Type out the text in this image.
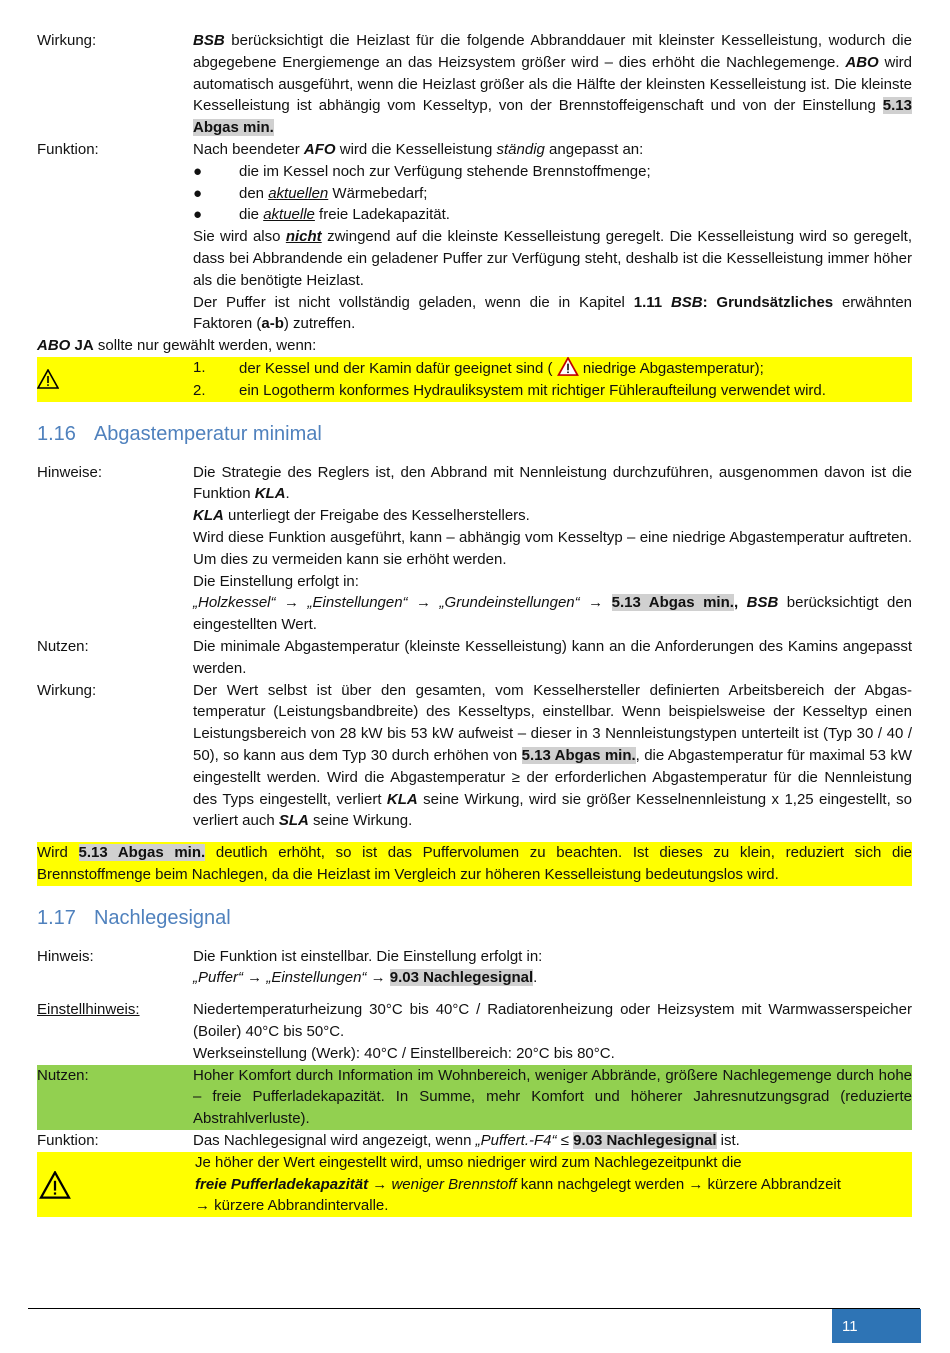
Wirkung:	BSB berücksichtigt die Heizlast für die folgende Abbranddauer mit kleinster Kesselleistung, wodurch die abgegebene Energiemenge an das Heizsystem größer wird – dies erhöht die Nachlegemenge. ABO wird automatisch ausgeführt, wenn die Heizlast größer als die Hälfte der kleinsten Kesselleistung ist. Die kleinste Kesselleistung ist abhängig vom Kesseltyp, von der Brennstoffeigenschaft und von der Einstellung 5.13 Abgas min.
Funktion:	Nach beendeter AFO wird die Kesselleistung ständig angepasst an:

●	die im Kessel noch zur Verfügung stehende Brennstoffmenge;
●	den aktuellen Wärmebedarf;
●	die aktuelle freie Ladekapazität.

Sie wird also nicht zwingend auf die kleinste Kesselleistung geregelt. Die Kesselleistung wird so geregelt, dass bei Abbrandende ein geladener Puffer zur Verfügung steht, deshalb ist die Kesselleistung immer höher als die benötigte Heizlast.

Der Puffer ist nicht vollständig geladen, wenn die in Kapitel 1.11 BSB: Grundsätzliches erwähnten Faktoren (a-b) zutreffen.

ABO JA sollte nur gewählt werden, wenn:
1.	der Kessel und der Kamin dafür geeignet sind (  niedrige Abgastemperatur);
2.	ein Logotherm konformes Hydrauliksystem mit richtiger Fühleraufteilung verwendet wird.
1.16 Abgastemperatur minimal
Hinweise:	Die Strategie des Reglers ist, den Abbrand mit Nennleistung durchzuführen, ausgenommen davon ist die Funktion KLA.

KLA unterliegt der Freigabe des Kesselherstellers.

Wird diese Funktion ausgeführt, kann – abhängig vom Kesseltyp – eine niedrige Abgastemperatur auftreten. Um dies zu vermeiden kann sie erhöht werden.

Die Einstellung erfolgt in:

„Holzkessel“ → „Einstellungen“ → „Grundeinstellungen“ → 5.13 Abgas min., BSB berücksichtigt den eingestellten Wert.

Nutzen:	Die minimale Abgastemperatur (kleinste Kesselleistung) kann an die Anforderungen des Kamins angepasst werden.
Wirkung:	Der Wert selbst ist über den gesamten, vom Kesselhersteller definierten Arbeitsbereich der Abgas-temperatur (Leistungsbandbreite) des Kesseltyps, einstellbar. Wenn beispielsweise der Kesseltyp einen Leistungsbereich von 28 kW bis 53 kW aufweist – dieser in 3 Nennleistungstypen unterteilt ist (Typ 30 / 40 / 50), so kann aus dem Typ 30 durch erhöhen von 5.13 Abgas min., die Abgastemperatur für maximal 53 kW eingestellt werden. Wird die Abgastemperatur ≥ der erforderlichen Abgastemperatur für die Nennleistung des Typs eingestellt, verliert KLA seine Wirkung, wird sie größer Kesselnennleistung x 1,25 eingestellt, so verliert auch SLA seine Wirkung.
Wird 5.13 Abgas min. deutlich erhöht, so ist das Puffervolumen zu beachten. Ist dieses zu klein, reduziert sich die Brennstoffmenge beim Nachlegen, da die Heizlast im Vergleich zur höheren Kesselleistung bedeutungslos wird.
1.17 Nachlegesignal
Hinweis:	Die Funktion ist einstellbar. Die Einstellung erfolgt in:

„Puffer“ → „Einstellungen“ → 9.03 Nachlegesignal.

Einstellhinweis:	Niedertemperaturheizung 30°C bis 40°C / Radiatorenheizung oder Heizsystem mit Warmwasserspeicher (Boiler) 40°C bis 50°C.

Werkseinstellung (Werk): 40°C / Einstellbereich: 20°C bis 80°C.

Nutzen:	Hoher Komfort durch Information im Wohnbereich, weniger Abbrände, größere Nachlegemenge durch hohe – freie Pufferladekapazität. In Summe, mehr Komfort und höherer Jahresnutzungsgrad (reduzierte Abstrahlverluste).
Funktion:	Das Nachlegesignal wird angezeigt, wenn „Puffert.-F4“ ≤ 9.03 Nachlegesignal ist.

Je höher der Wert eingestellt wird, umso niedriger wird zum Nachlegezeitpunkt die

freie Pufferladekapazität → weniger Brennstoff kann nachgelegt werden → kürzere Abbrandzeit

→ kürzere Abbrandintervalle.

11
